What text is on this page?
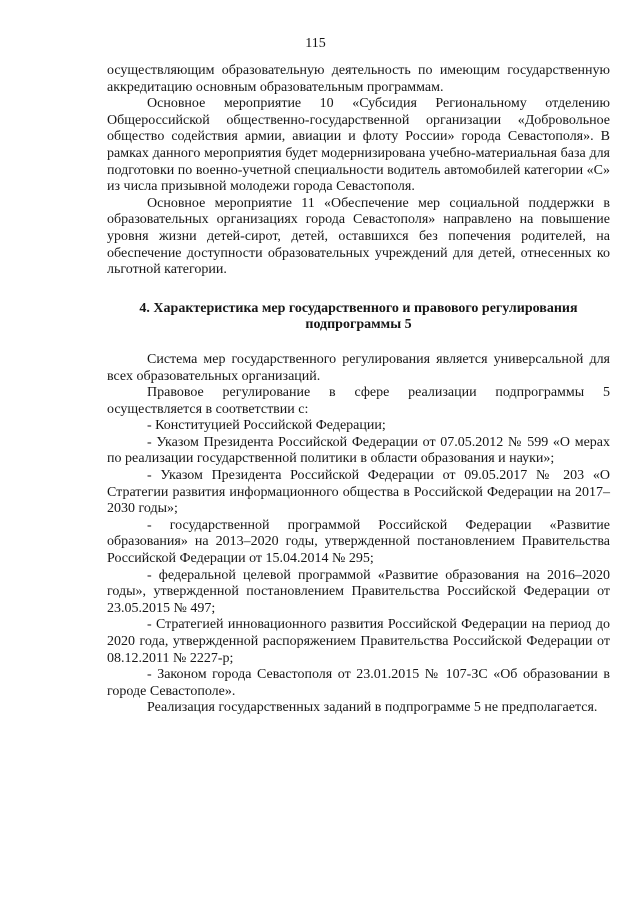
115

осуществляющим образовательную деятельность по имеющим государственную аккредитацию основным образовательным программам.

Основное мероприятие 10 «Субсидия Региональному отделению Общероссийской общественно-государственной организации «Добровольное общество содействия армии, авиации и флоту России» города Севастополя». В рамках данного мероприятия будет модернизирована учебно-материальная база для подготовки по военно-учетной специальности водитель автомобилей категории «С» из числа призывной молодежи города Севастополя.

Основное мероприятие 11 «Обеспечение мер социальной поддержки в образовательных организациях города Севастополя» направлено на повышение уровня жизни детей-сирот, детей, оставшихся без попечения родителей, на обеспечение доступности образовательных учреждений для детей, отнесенных ко льготной категории.

4. Характеристика мер государственного и правового регулирования подпрограммы 5

Система мер государственного регулирования является универсальной для всех образовательных организаций.

Правовое регулирование в сфере реализации подпрограммы 5 осуществляется в соответствии с:

- Конституцией Российской Федерации;

- Указом Президента Российской Федерации от 07.05.2012 № 599 «О мерах по реализации государственной политики в области образования и науки»;

- Указом Президента Российской Федерации от 09.05.2017 № 203 «О Стратегии развития информационного общества в Российской Федерации на 2017–2030 годы»;

- государственной программой Российской Федерации «Развитие образования» на 2013–2020 годы, утвержденной постановлением Правительства Российской Федерации от 15.04.2014 № 295;

- федеральной целевой программой «Развитие образования на 2016–2020 годы», утвержденной постановлением Правительства Российской Федерации от 23.05.2015 № 497;

- Стратегией инновационного развития Российской Федерации на период до 2020 года, утвержденной распоряжением Правительства Российской Федерации от 08.12.2011 № 2227-р;

- Законом города Севастополя от 23.01.2015 № 107-ЗС «Об образовании в городе Севастополе».

Реализация государственных заданий в подпрограмме 5 не предполагается.
